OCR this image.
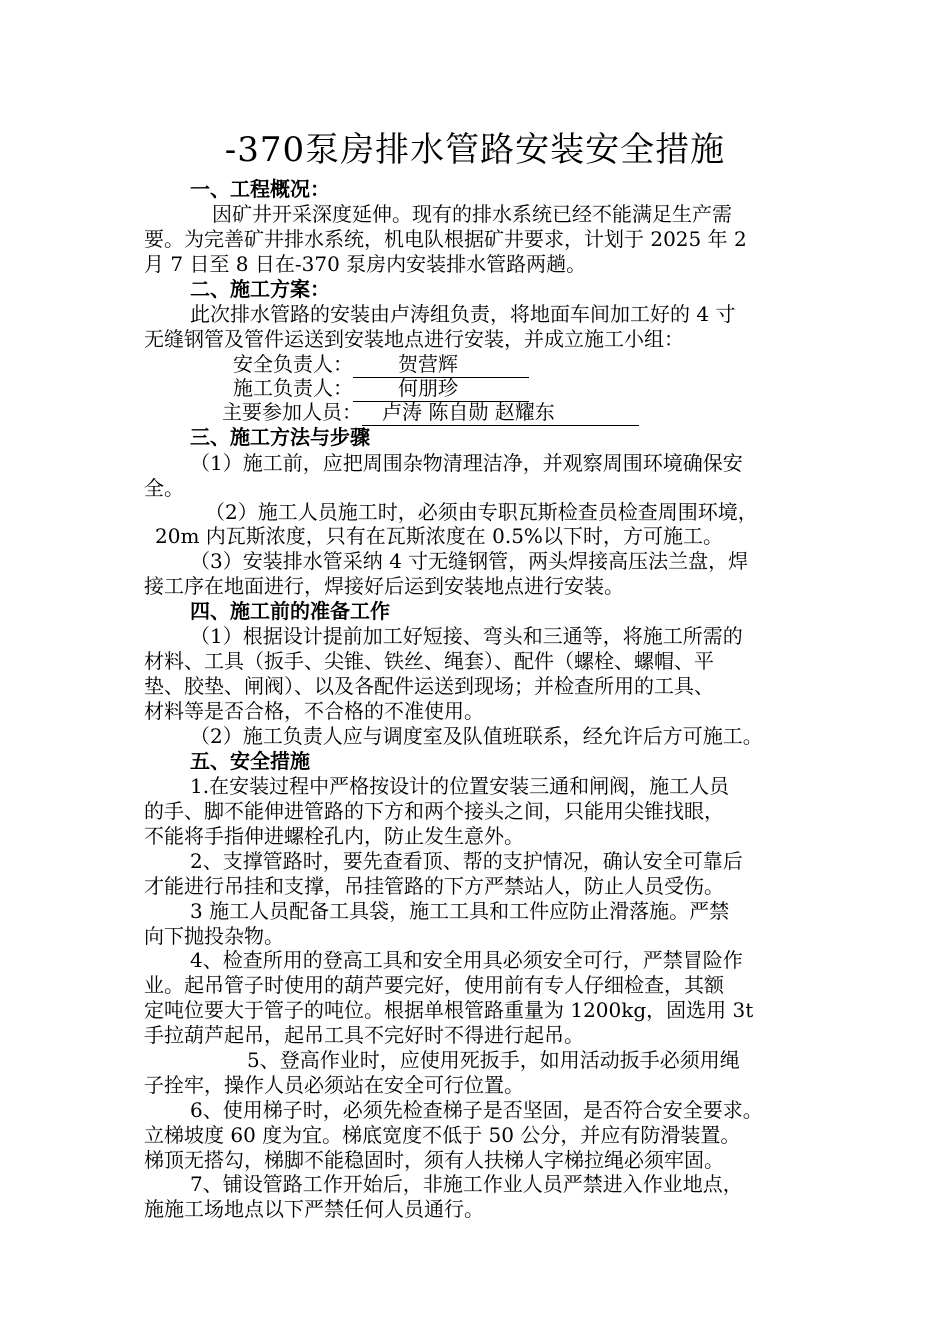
-370泵房排水管路安装安全措施
一、工程概况：
因矿井开采深度延伸。现有的排水系统已经不能满足生产需
要。为完善矿井排水系统，机电队根据矿井要求，计划于 2025 年 2
月 7 日至 8 日在-370 泵房内安装排水管路两趟。
二、施工方案：
此次排水管路的安装由卢涛组负责，将地面车间加工好的 4 寸
无缝钢管及管件运送到安装地点进行安装，并成立施工小组：
安全负责人： 贺营辉
施工负责人： 何朋珍
主要参加人员： 卢涛 陈自勋 赵耀东
三、施工方法与步骤
（1）施工前，应把周围杂物清理洁净，并观察周围环境确保安
全。
（2）施工人员施工时，必须由专职瓦斯检查员检查周围环境，
20m 内瓦斯浓度，只有在瓦斯浓度在 0.5%以下时，方可施工。
（3）安装排水管采纳 4 寸无缝钢管，两头焊接高压法兰盘，焊
接工序在地面进行，焊接好后运到安装地点进行安装。
四、施工前的准备工作
（1）根据设计提前加工好短接、弯头和三通等，将施工所需的
材料、工具（扳手、尖锥、铁丝、绳套）、配件（螺栓、螺帽、平
垫、胶垫、闸阀）、以及各配件运送到现场；并检查所用的工具、
材料等是否合格，不合格的不准使用。
（2）施工负责人应与调度室及队值班联系，经允许后方可施工。
五、安全措施
1.在安装过程中严格按设计的位置安装三通和闸阀，施工人员
的手、脚不能伸进管路的下方和两个接头之间，只能用尖锥找眼，
不能将手指伸进螺栓孔内，防止发生意外。
2、支撑管路时，要先查看顶、帮的支护情况，确认安全可靠后
才能进行吊挂和支撑，吊挂管路的下方严禁站人，防止人员受伤。
3 施工人员配备工具袋，施工工具和工件应防止滑落施。严禁
向下抛投杂物。
4、检查所用的登高工具和安全用具必须安全可行，严禁冒险作
业。起吊管子时使用的葫芦要完好，使用前有专人仔细检查，其额
定吨位要大于管子的吨位。根据单根管路重量为 1200kg，固选用 3t
手拉葫芦起吊，起吊工具不完好时不得进行起吊。
5、登高作业时，应使用死扳手，如用活动扳手必须用绳
子拴牢，操作人员必须站在安全可行位置。
6、使用梯子时，必须先检查梯子是否坚固，是否符合安全要求。
立梯坡度 60 度为宜。梯底宽度不低于 50 公分，并应有防滑装置。
梯顶无搭勾，梯脚不能稳固时，须有人扶梯人字梯拉绳必须牢固。
7、铺设管路工作开始后，非施工作业人员严禁进入作业地点，
施施工场地点以下严禁任何人员通行。
